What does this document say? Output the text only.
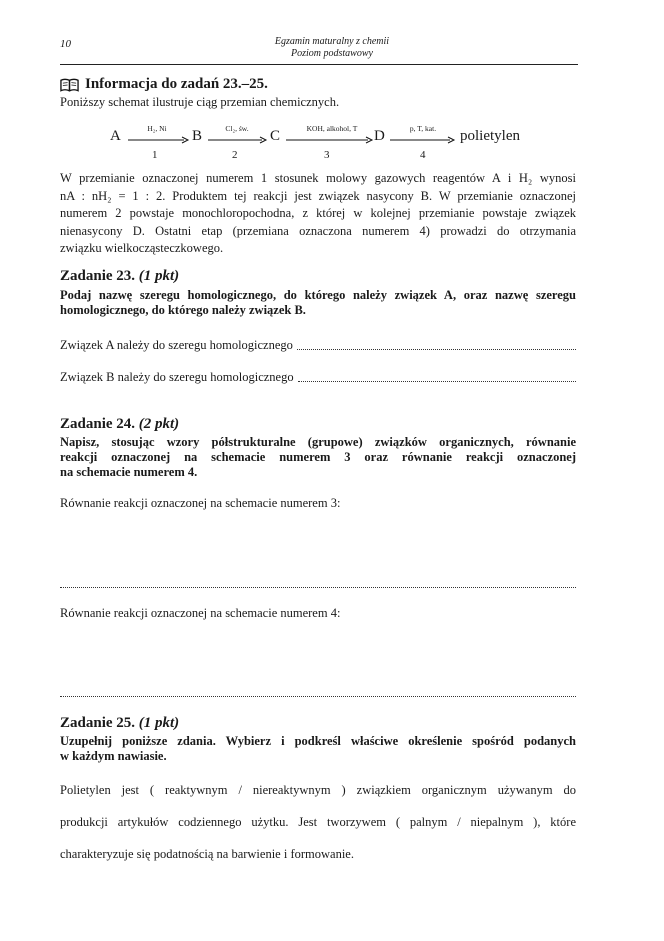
10	Egzamin maturalny z chemii
Poziom podstawowy
Informacja do zadań 23.–25.
Poniższy schemat ilustruje ciąg przemian chemicznych.
A	H₂, Ni
1
B	Cl₂, św.
2
C	KOH, alkohol, T
3
D	p, T, kat.
4
polietylen
W przemianie oznaczonej numerem 1 stosunek molowy gazowych reagentów A i H₂ wynosi
nA : nH₂ = 1 : 2. Produktem tej reakcji jest związek nasycony B. W przemianie oznaczonej
numerem 2 powstaje monochloropochodna, z której w kolejnej przemianie powstaje związek
nienasycony D. Ostatni etap (przemiana oznaczona numerem 4) prowadzi do otrzymania
związku wielkocząsteczkowego.
Zadanie 23. (1 pkt)
Podaj nazwę szeregu homologicznego, do którego należy związek A, oraz nazwę szeregu
homologicznego, do którego należy związek B.
Związek A należy do szeregu homologicznego
Związek B należy do szeregu homologicznego
Zadanie 24. (2 pkt)
Napisz, stosując wzory półstrukturalne (grupowe) związków organicznych, równanie
reakcji oznaczonej na schemacie numerem 3 oraz równanie reakcji oznaczonej
na schemacie numerem 4.
Równanie reakcji oznaczonej na schemacie numerem 3:
Równanie reakcji oznaczonej na schemacie numerem 4:
Zadanie 25. (1 pkt)
Uzupełnij poniższe zdania. Wybierz i podkreśl właściwe określenie spośród podanych
w każdym nawiasie.
Polietylen jest ( reaktywnym / niereaktywnym ) związkiem organicznym używanym do
produkcji artykułów codziennego użytku. Jest tworzywem ( palnym / niepalnym ), które
charakteryzuje się podatnością na barwienie i formowanie.
